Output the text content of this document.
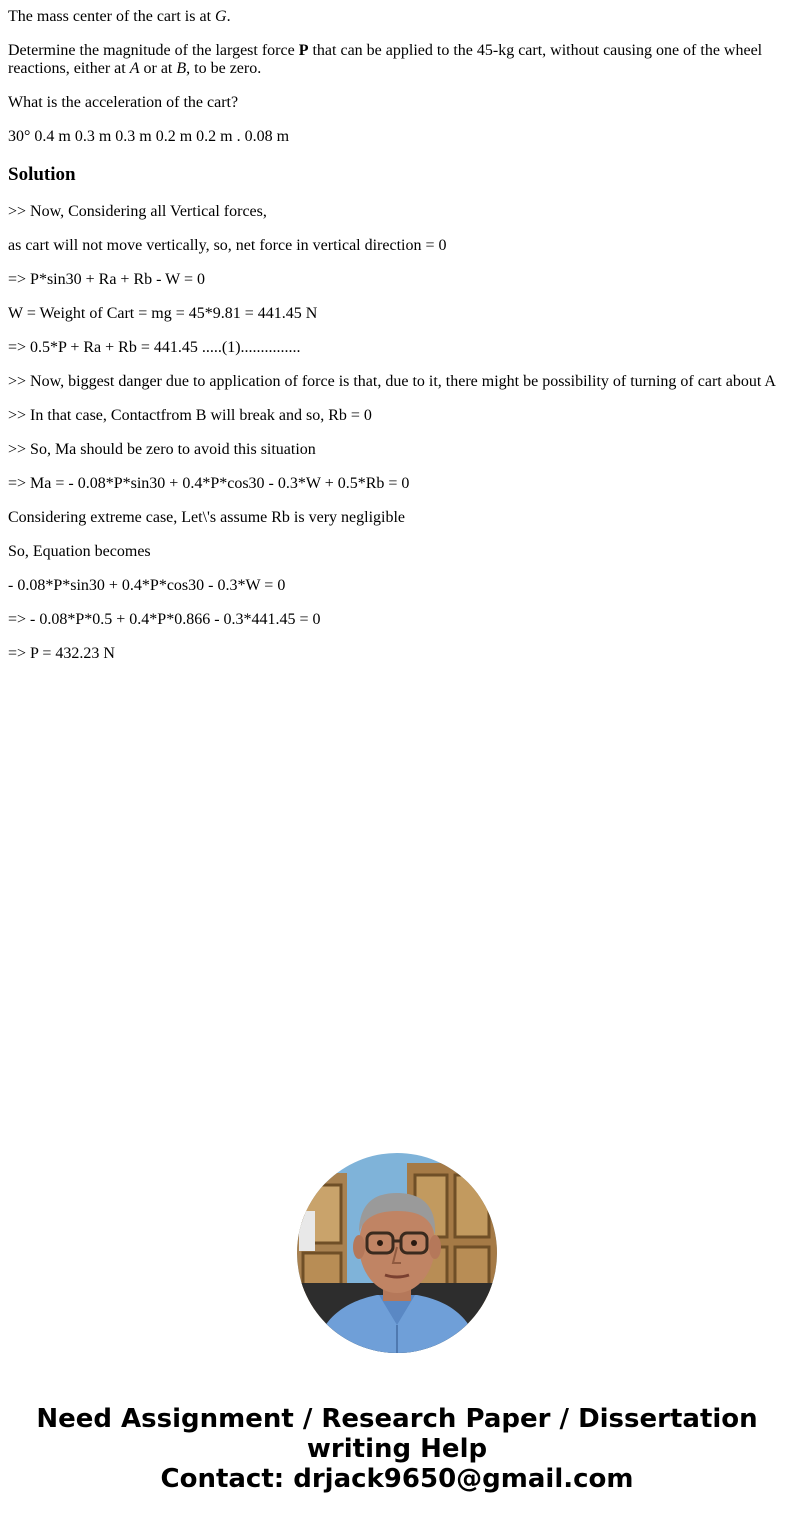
The mass center of the cart is at G.

Determine the magnitude of the largest force P that can be applied to the 45-kg cart, without causing one of the wheel reactions, either at A or at B, to be zero.

What is the acceleration of the cart?

30° 0.4 m 0.3 m 0.3 m 0.2 m 0.2 m . 0.08 m

Solution

>> Now, Considering all Vertical forces,

as cart will not move vertically, so, net force in vertical direction = 0

=> P*sin30 + Ra + Rb - W = 0

W = Weight of Cart = mg = 45*9.81 = 441.45 N

=> 0.5*P + Ra + Rb = 441.45 .....(1)...............

>> Now, biggest danger due to application of force is that, due to it, there might be possibility of turning of cart about A

>> In that case, Contactfrom B will break and so, Rb = 0

>> So, Ma should be zero to avoid this situation

=> Ma = - 0.08*P*sin30 + 0.4*P*cos30 - 0.3*W + 0.5*Rb = 0

Considering extreme case, Let\'s assume Rb is very negligible

So, Equation becomes

- 0.08*P*sin30 + 0.4*P*cos30 - 0.3*W = 0

=> - 0.08*P*0.5 + 0.4*P*0.866 - 0.3*441.45 = 0

=> P = 432.23 N

Need Assignment / Research Paper / Dissertation
writing Help
Contact: drjack9650@gmail.com
